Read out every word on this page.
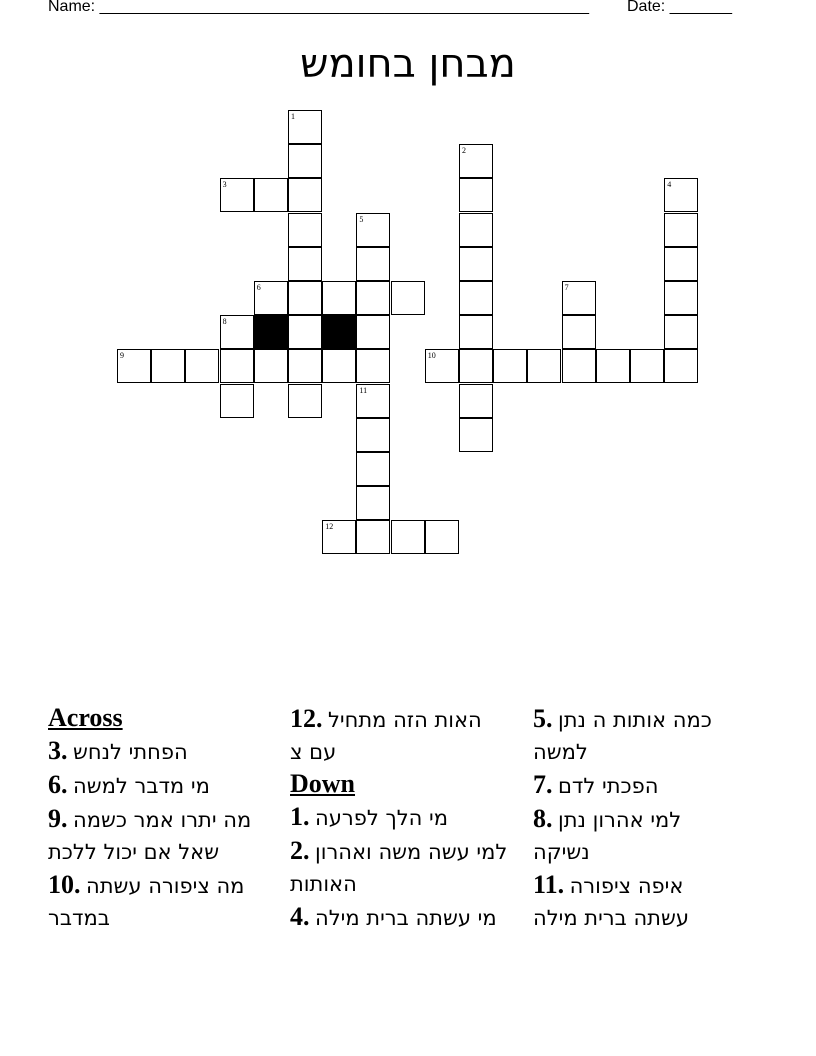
Name: _______________________________________________________ Date: _______
מבחן בחומש
1
2
3	4
5
6	7
8
9	10
11
12
Across
3. הפחתי לנחש
6. מי מדבר למשה
9. מה יתרו אמר כשמה שאל אם יכול ללכת
10. מה ציפורה עשתה במדבר
12. האות הזה מתחיל עם צ
Down
1. מי הלך לפרעה
2. למי עשה משה ואהרון האותות
4. מי עשתה ברית מילה
5. כמה אותות ה נתן למשה
7. הפכתי לדם
8. למי אהרון נתן נשיקה
11. איפה ציפורה עשתה ברית מילה
